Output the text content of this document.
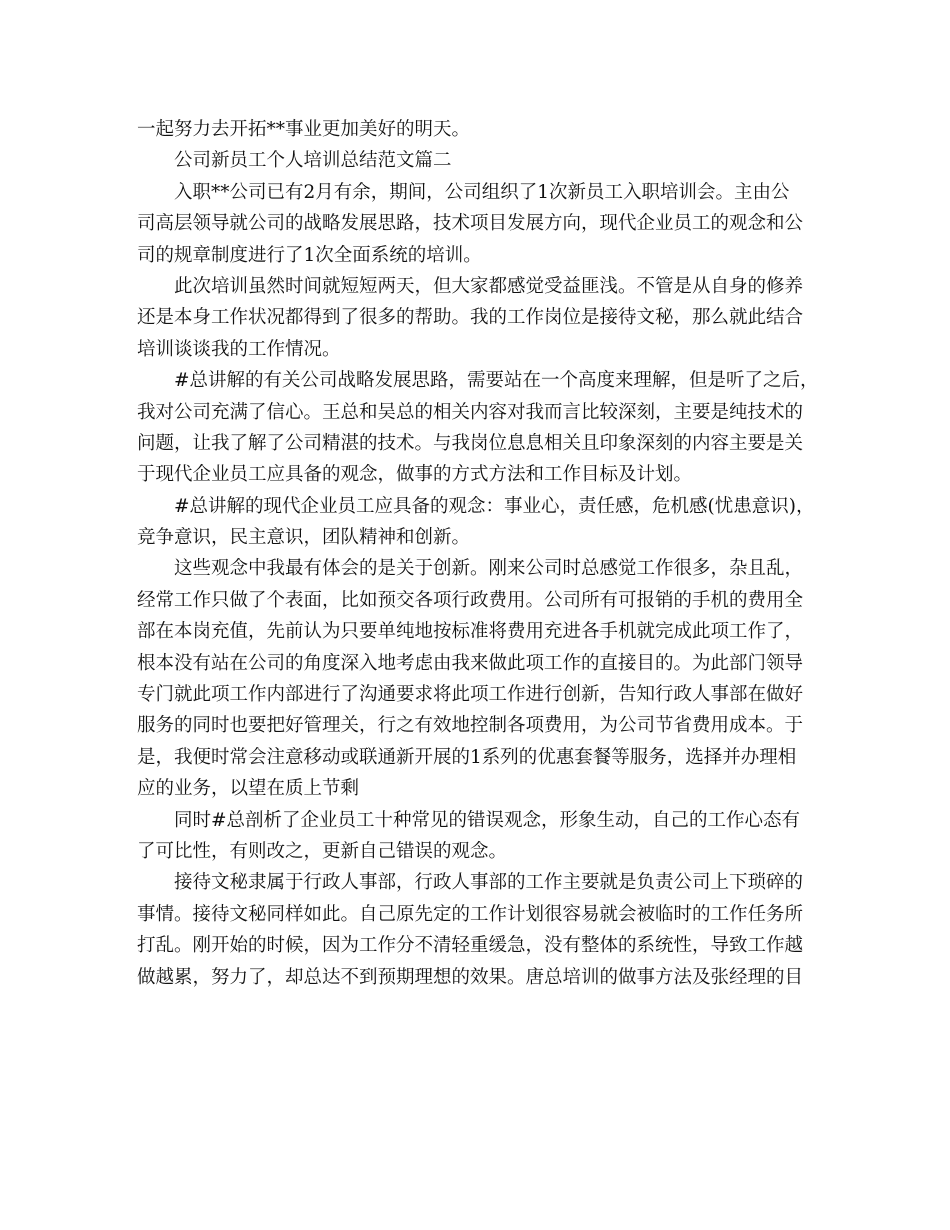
一起努力去开拓**事业更加美好的明天。
公司新员工个人培训总结范文篇二
入职**公司已有2月有余，期间，公司组织了1次新员工入职培训会。主由公
司高层领导就公司的战略发展思路，技术项目发展方向，现代企业员工的观念和公
司的规章制度进行了1次全面系统的培训。
此次培训虽然时间就短短两天，但大家都感觉受益匪浅。不管是从自身的修养
还是本身工作状况都得到了很多的帮助。我的工作岗位是接待文秘，那么就此结合
培训谈谈我的工作情况。
#总讲解的有关公司战略发展思路，需要站在一个高度来理解，但是听了之后，
我对公司充满了信心。王总和吴总的相关内容对我而言比较深刻，主要是纯技术的
问题，让我了解了公司精湛的技术。与我岗位息息相关且印象深刻的内容主要是关
于现代企业员工应具备的观念，做事的方式方法和工作目标及计划。
#总讲解的现代企业员工应具备的观念：事业心，责任感，危机感(忧患意识)，
竞争意识，民主意识，团队精神和创新。
这些观念中我最有体会的是关于创新。刚来公司时总感觉工作很多，杂且乱，
经常工作只做了个表面，比如预交各项行政费用。公司所有可报销的手机的费用全
部在本岗充值，先前认为只要单纯地按标准将费用充进各手机就完成此项工作了，
根本没有站在公司的角度深入地考虑由我来做此项工作的直接目的。为此部门领导
专门就此项工作内部进行了沟通要求将此项工作进行创新，告知行政人事部在做好
服务的同时也要把好管理关，行之有效地控制各项费用，为公司节省费用成本。于
是，我便时常会注意移动或联通新开展的1系列的优惠套餐等服务，选择并办理相
应的业务，以望在质上节剩
同时#总剖析了企业员工十种常见的错误观念，形象生动，自己的工作心态有
了可比性，有则改之，更新自己错误的观念。
接待文秘隶属于行政人事部，行政人事部的工作主要就是负责公司上下琐碎的
事情。接待文秘同样如此。自己原先定的工作计划很容易就会被临时的工作任务所
打乱。刚开始的时候，因为工作分不清轻重缓急，没有整体的系统性，导致工作越
做越累，努力了，却总达不到预期理想的效果。唐总培训的做事方法及张经理的目
